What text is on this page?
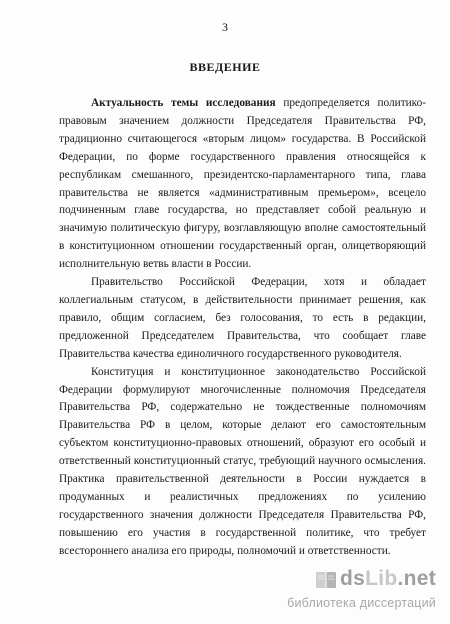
3
ВВЕДЕНИЕ

Актуальность темы исследования предопределяется политико-правовым значением должности Председателя Правительства РФ, традиционно считающегося «вторым лицом» государства. В Российской Федерации, по форме государственного правления относящейся к республикам смешанного, президентско-парламентарного типа, глава правительства не является «административным премьером», всецело подчиненным главе государства, но представляет собой реальную и значимую политическую фигуру, возглавляющую вполне самостоятельный в конституционном отношении государственный орган, олицетворяющий исполнительную ветвь власти в России.

Правительство Российской Федерации, хотя и обладает коллегиальным статусом, в действительности принимает решения, как правило, общим согласием, без голосования, то есть в редакции, предложенной Председателем Правительства, что сообщает главе Правительства качества единоличного государственного руководителя.

Конституция и конституционное законодательство Российской Федерации формулируют многочисленные полномочия Председателя Правительства РФ, содержательно не тождественные полномочиям Правительства РФ в целом, которые делают его самостоятельным субъектом конституционно-правовых отношений, образуют его особый и ответственный конституционный статус, требующий научного осмысления. Практика правительственной деятельности в России нуждается в продуманных и реалистичных предложениях по усилению государственного значения должности Председателя Правительства РФ, повышению его участия в государственной политике, что требует всестороннего анализа его природы, полномочий и ответственности.

dsLib.net
библиотека диссертаций
